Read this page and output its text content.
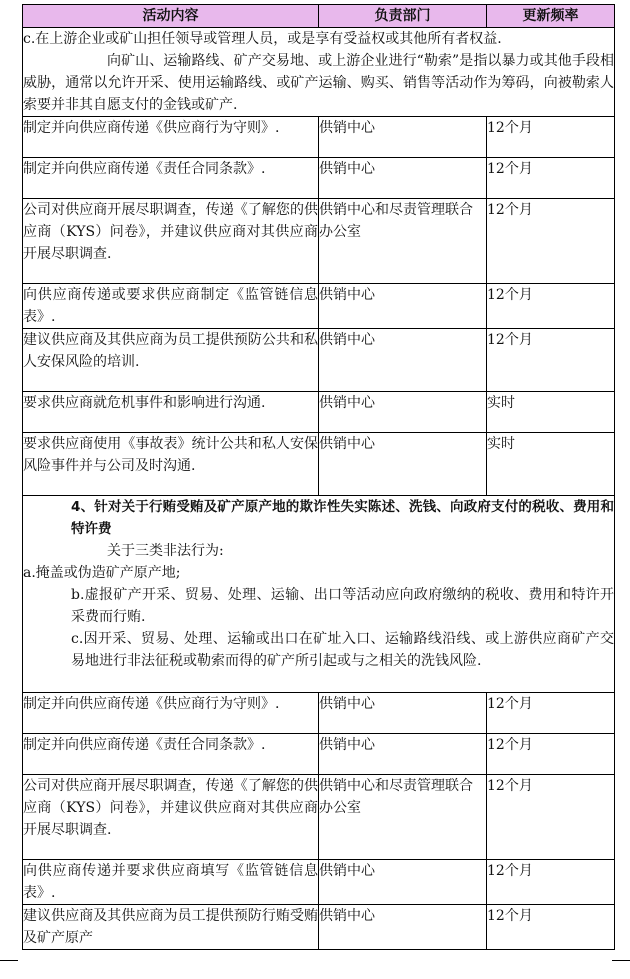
活动内容	负责部门	更新频率

c.在上游企业或矿山担任领导或管理人员，或是享有受益权或其他所有者权益.
向矿山、运输路线、矿产交易地、或上游企业进行“勒索”是指以暴力或其他手段相威胁，通常以允许开采、使用运输路线、或矿产运输、购买、销售等活动作为筹码，向被勒索人索要并非其自愿支付的金钱或矿产.		

制定并向供应商传递《供应商行为守则》.	供销中心	12个月
制定并向供应商传递《责任合同条款》.	供销中心	12个月
公司对供应商开展尽职调查，传递《了解您的供应商（KYS）问卷》，并建议供应商对其供应商开展尽职调查.	供销中心和尽责管理联合办公室	12个月
向供应商传递或要求供应商制定《监管链信息表》.	供销中心	12个月
建议供应商及其供应商为员工提供预防公共和私人安保风险的培训.	供销中心	12个月
要求供应商就危机事件和影响进行沟通.	供销中心	实时
要求供应商使用《事故表》统计公共和私人安保风险事件并与公司及时沟通.	供销中心	实时

4、针对关于行贿受贿及矿产原产地的欺诈性失实陈述、洗钱、向政府支付的税收、费用和特许费
关于三类非法行为:
a.掩盖或伪造矿产原产地;
b.虚报矿产开采、贸易、处理、运输、出口等活动应向政府缴纳的税收、费用和特许开采费而行贿.
c.因开采、贸易、处理、运输或出口在矿址入口、运输路线沿线、或上游供应商矿产交易地进行非法征税或勒索而得的矿产所引起或与之相关的洗钱风险.		

制定并向供应商传递《供应商行为守则》.	供销中心	12个月
制定并向供应商传递《责任合同条款》.	供销中心	12个月
公司对供应商开展尽职调查，传递《了解您的供应商（KYS）问卷》，并建议供应商对其供应商开展尽职调查.	供销中心和尽责管理联合办公室	12个月
向供应商传递并要求供应商填写《监管链信息表》.	供销中心	12个月
建议供应商及其供应商为员工提供预防行贿受贿及矿产原产	供销中心	12个月
